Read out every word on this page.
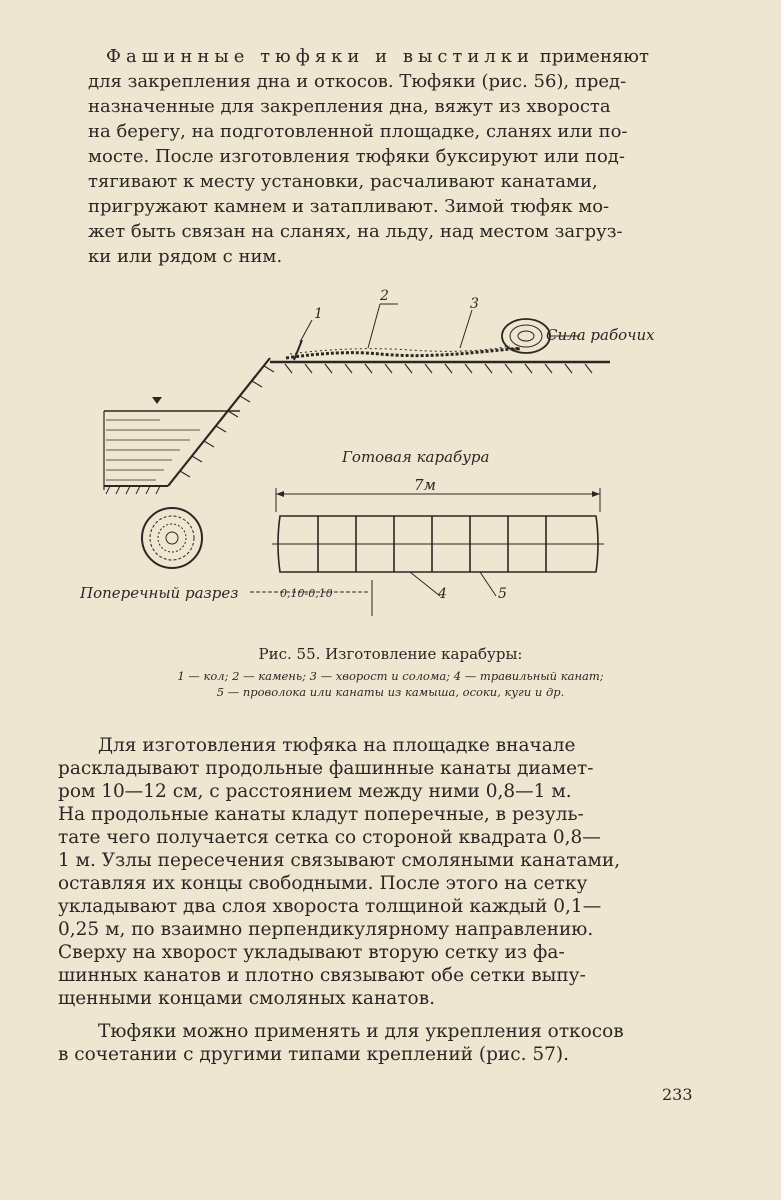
Фашинные тюфяки и выстилки применяют
для закрепления дна и откосов. Тюфяки (рис. 56), пред-
назначенные для закрепления дна, вяжут из хвороста
на берегу, на подготовленной площадке, сланях или по-
мосте. После изготовления тюфяки буксируют или под-
тягивают к месту установки, расчаливают канатами,
пригружают камнем и затапливают. Зимой тюфяк мо-
жет быть связан на сланях, на льду, над местом загруз-
ки или рядом с ним.

1
2	3
Сила рабочих
Готовая карабура
7м
Поперечный разрез	0,10-0,10	4	5
Рис. 55. Изготовление карабуры:
1 — кол; 2 — камень; 3 — хворост и солома; 4 — травильный канат;
5 — проволока или канаты из камыша, осоки, куги и др.

Для изготовления тюфяка на площадке вначале
раскладывают продольные фашинные канаты диамет-
ром 10—12 см, с расстоянием между ними 0,8—1 м.
На продольные канаты кладут поперечные, в резуль-
тате чего получается сетка со стороной квадрата 0,8—
1 м. Узлы пересечения связывают смоляными канатами,
оставляя их концы свободными. После этого на сетку
укладывают два слоя хвороста толщиной каждый 0,1—
0,25 м, по взаимно перпендикулярному направлению.
Сверху на хворост укладывают вторую сетку из фа-
шинных канатов и плотно связывают обе сетки выпу-
щенными концами смоляных канатов.

Тюфяки можно применять и для укрепления откосов
в сочетании с другими типами креплений (рис. 57).

233
